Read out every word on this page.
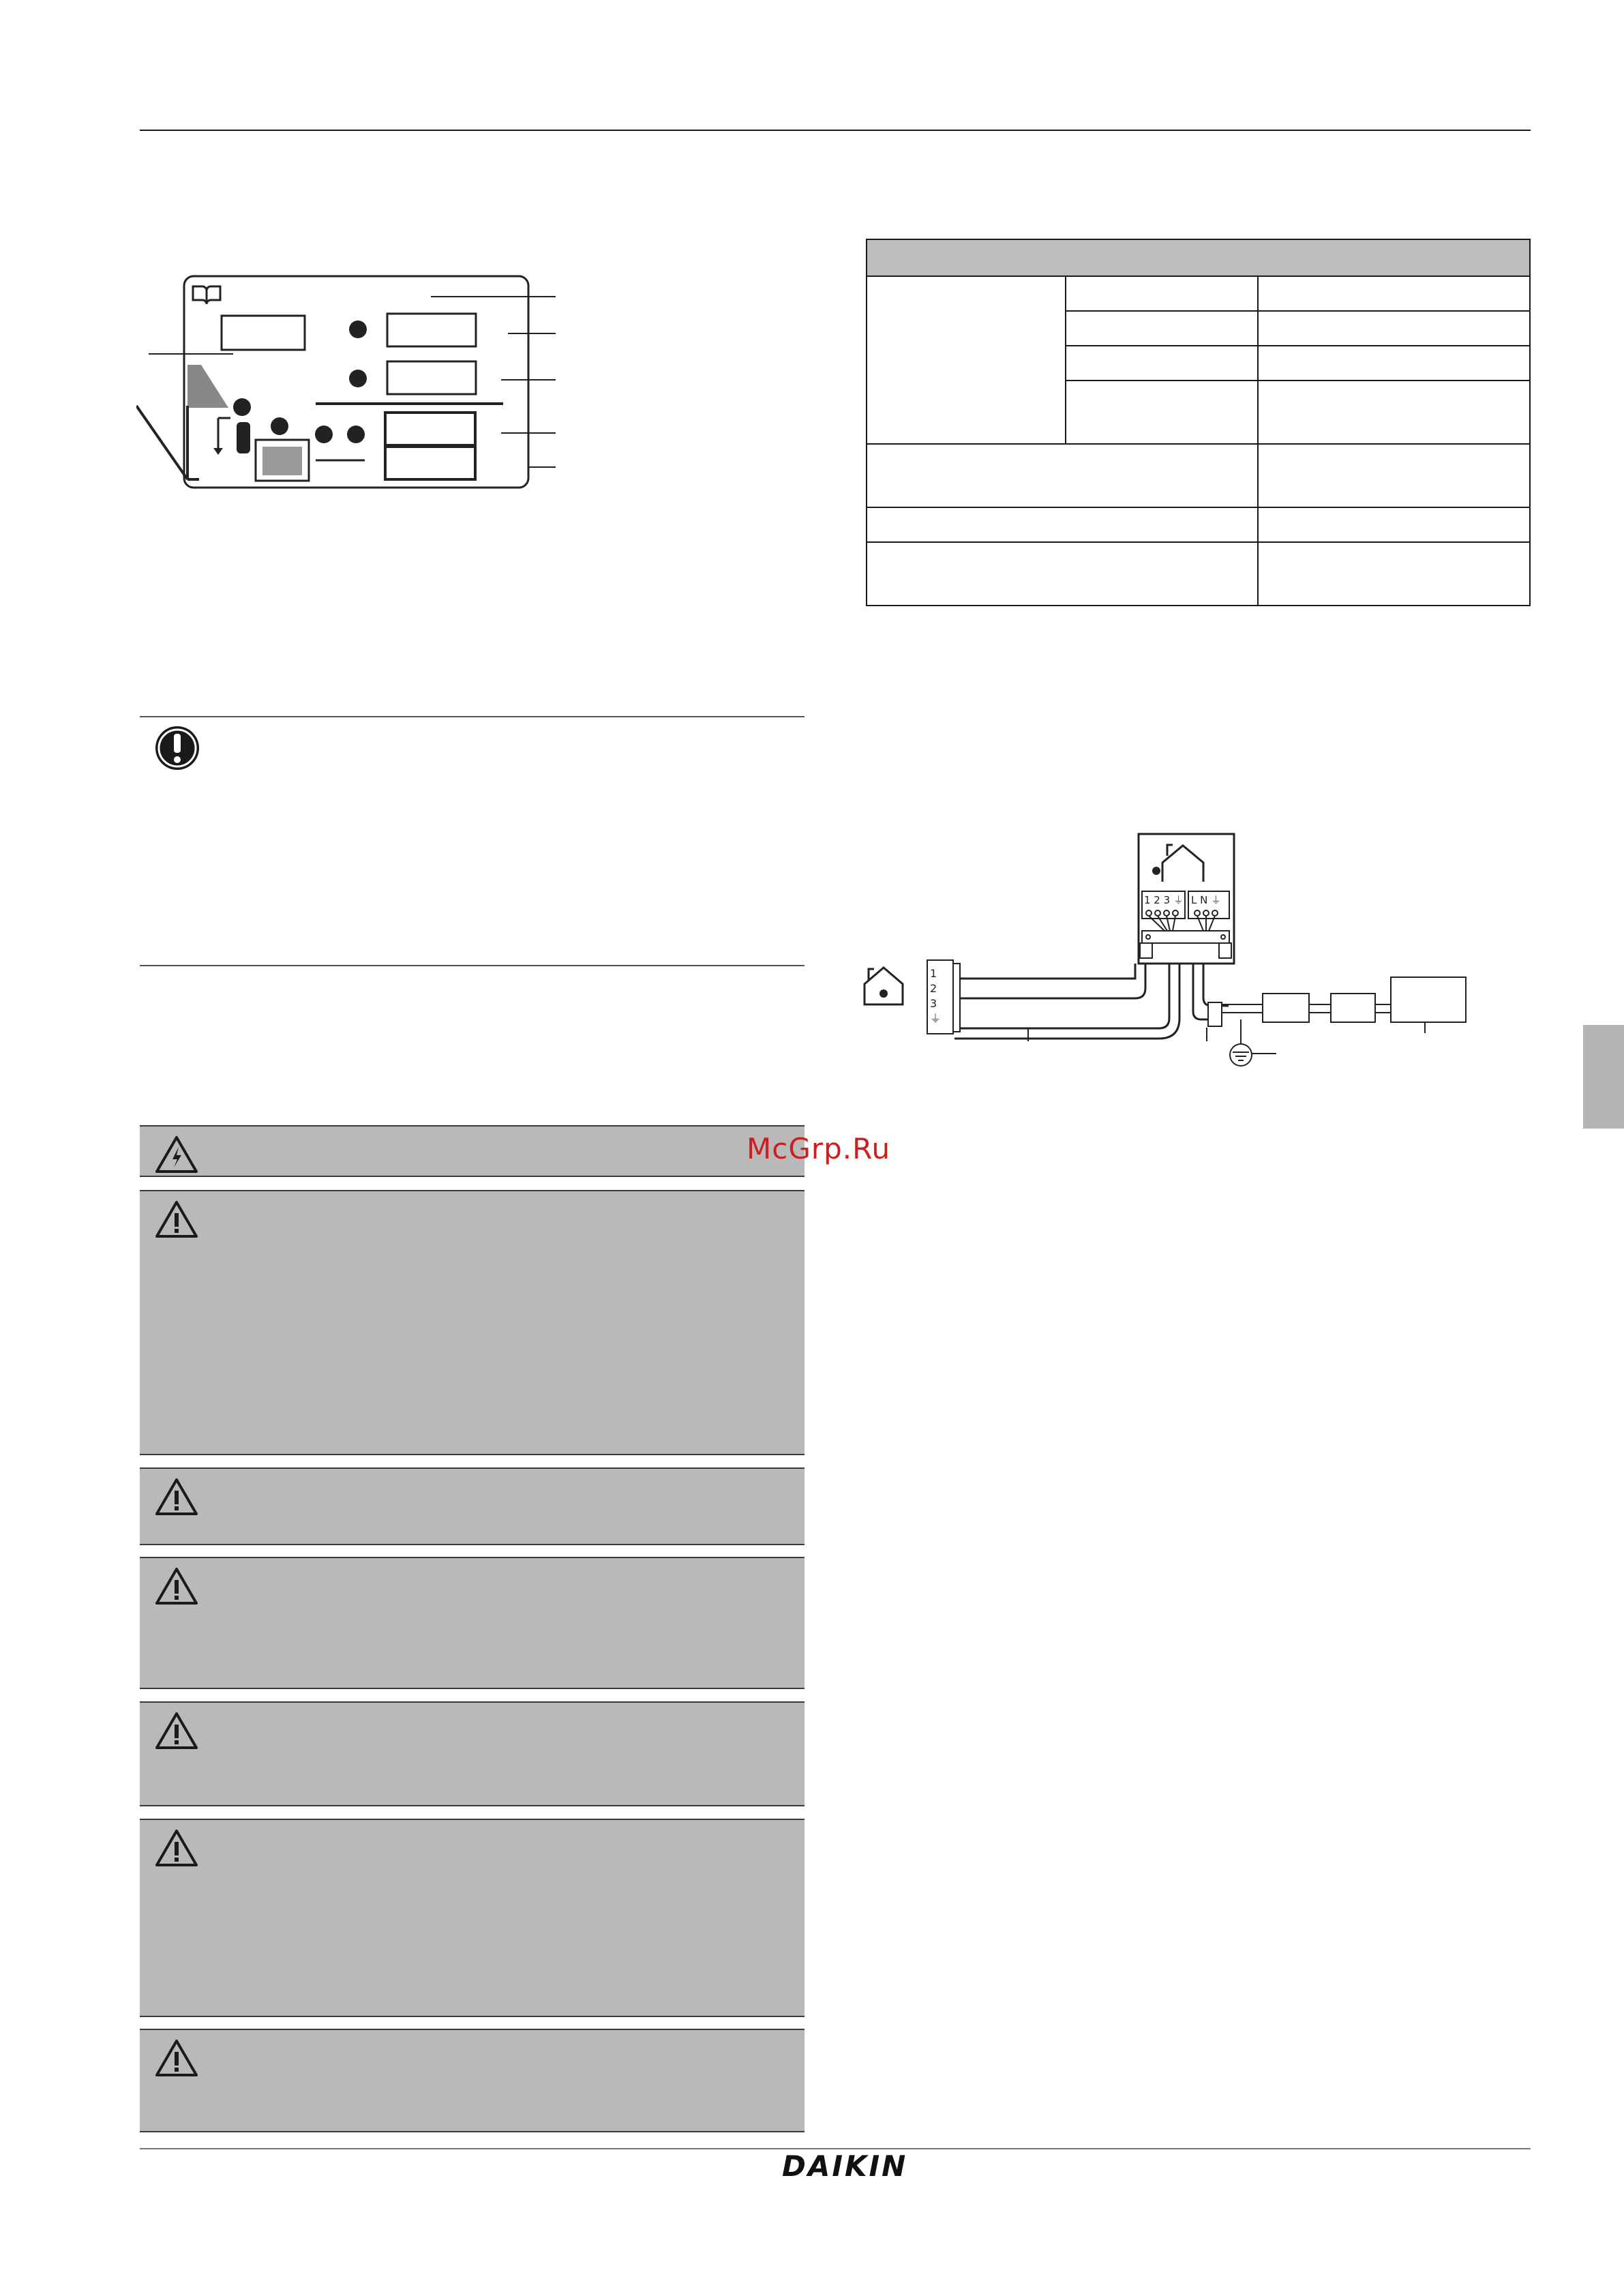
1 2 3 ⏚ L N ⏚
1
2
3
⏚
McGrp.Ru
DAIKIN
